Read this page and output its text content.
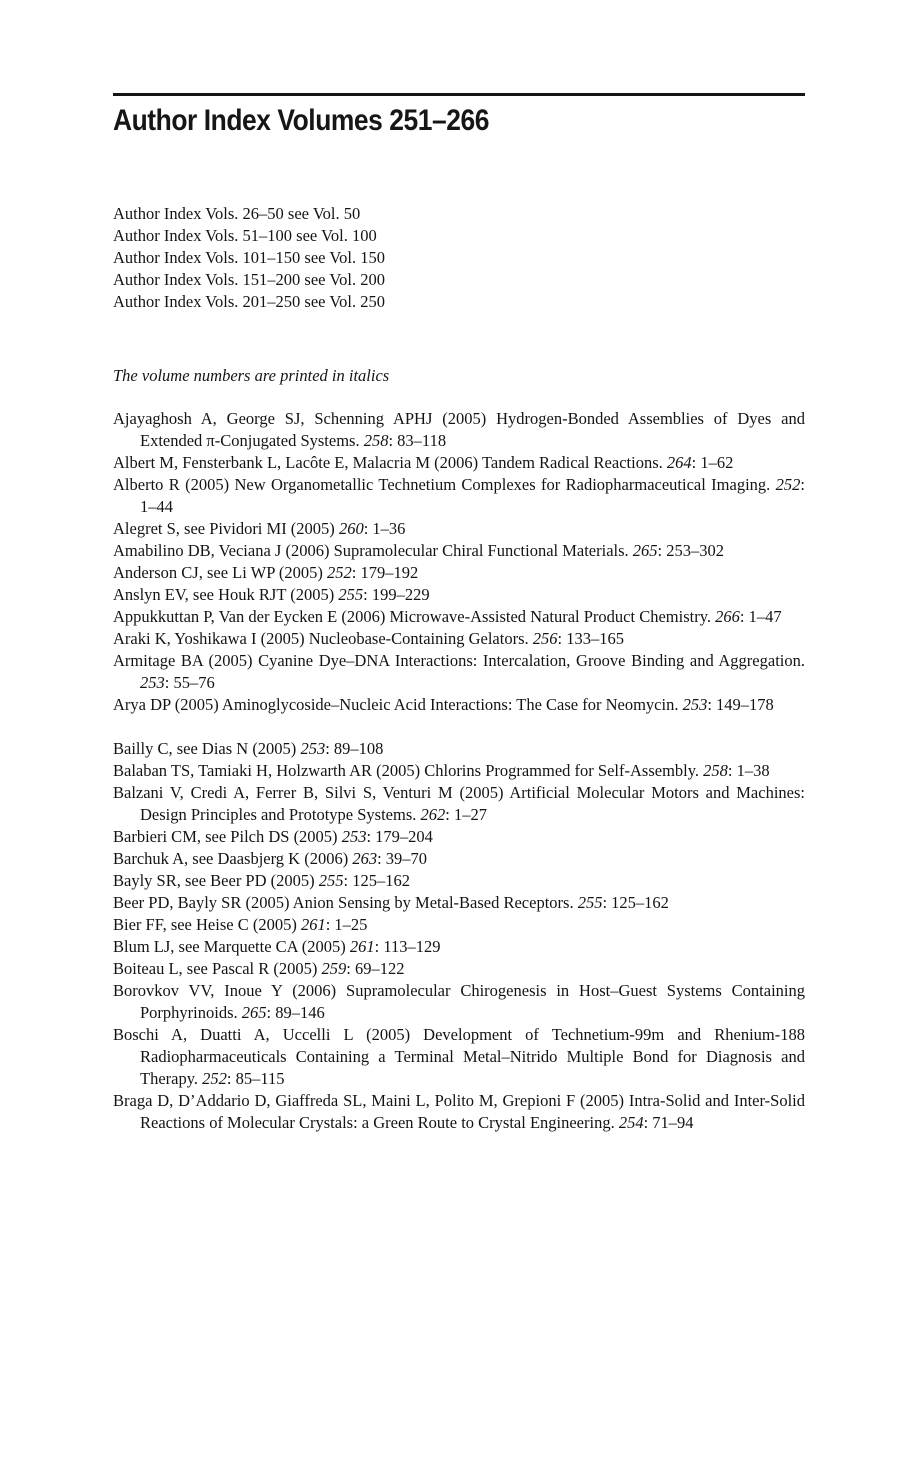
Author Index Volumes 251–266
Author Index Vols. 26–50 see Vol. 50
Author Index Vols. 51–100 see Vol. 100
Author Index Vols. 101–150 see Vol. 150
Author Index Vols. 151–200 see Vol. 200
Author Index Vols. 201–250 see Vol. 250

The volume numbers are printed in italics

Ajayaghosh A, George SJ, Schenning APHJ (2005) Hydrogen-Bonded Assemblies of Dyes and Extended π-Conjugated Systems. 258: 83–118

Albert M, Fensterbank L, Lacôte E, Malacria M (2006) Tandem Radical Reactions. 264: 1–62

Alberto R (2005) New Organometallic Technetium Complexes for Radiopharmaceutical Imaging. 252: 1–44

Alegret S, see Pividori MI (2005) 260: 1–36

Amabilino DB, Veciana J (2006) Supramolecular Chiral Functional Materials. 265: 253–302

Anderson CJ, see Li WP (2005) 252: 179–192

Anslyn EV, see Houk RJT (2005) 255: 199–229

Appukkuttan P, Van der Eycken E (2006) Microwave-Assisted Natural Product Chemistry. 266: 1–47

Araki K, Yoshikawa I (2005) Nucleobase-Containing Gelators. 256: 133–165

Armitage BA (2005) Cyanine Dye–DNA Interactions: Intercalation, Groove Binding and Aggregation. 253: 55–76

Arya DP (2005) Aminoglycoside–Nucleic Acid Interactions: The Case for Neomycin. 253: 149–178

Bailly C, see Dias N (2005) 253: 89–108

Balaban TS, Tamiaki H, Holzwarth AR (2005) Chlorins Programmed for Self-Assembly. 258: 1–38

Balzani V, Credi A, Ferrer B, Silvi S, Venturi M (2005) Artificial Molecular Motors and Machines: Design Principles and Prototype Systems. 262: 1–27

Barbieri CM, see Pilch DS (2005) 253: 179–204

Barchuk A, see Daasbjerg K (2006) 263: 39–70

Bayly SR, see Beer PD (2005) 255: 125–162

Beer PD, Bayly SR (2005) Anion Sensing by Metal-Based Receptors. 255: 125–162

Bier FF, see Heise C (2005) 261: 1–25

Blum LJ, see Marquette CA (2005) 261: 113–129

Boiteau L, see Pascal R (2005) 259: 69–122

Borovkov VV, Inoue Y (2006) Supramolecular Chirogenesis in Host–Guest Systems Containing Porphyrinoids. 265: 89–146

Boschi A, Duatti A, Uccelli L (2005) Development of Technetium-99m and Rhenium-188 Radiopharmaceuticals Containing a Terminal Metal–Nitrido Multiple Bond for Diagnosis and Therapy. 252: 85–115

Braga D, D’Addario D, Giaffreda SL, Maini L, Polito M, Grepioni F (2005) Intra-Solid and Inter-Solid Reactions of Molecular Crystals: a Green Route to Crystal Engineering. 254: 71–94
